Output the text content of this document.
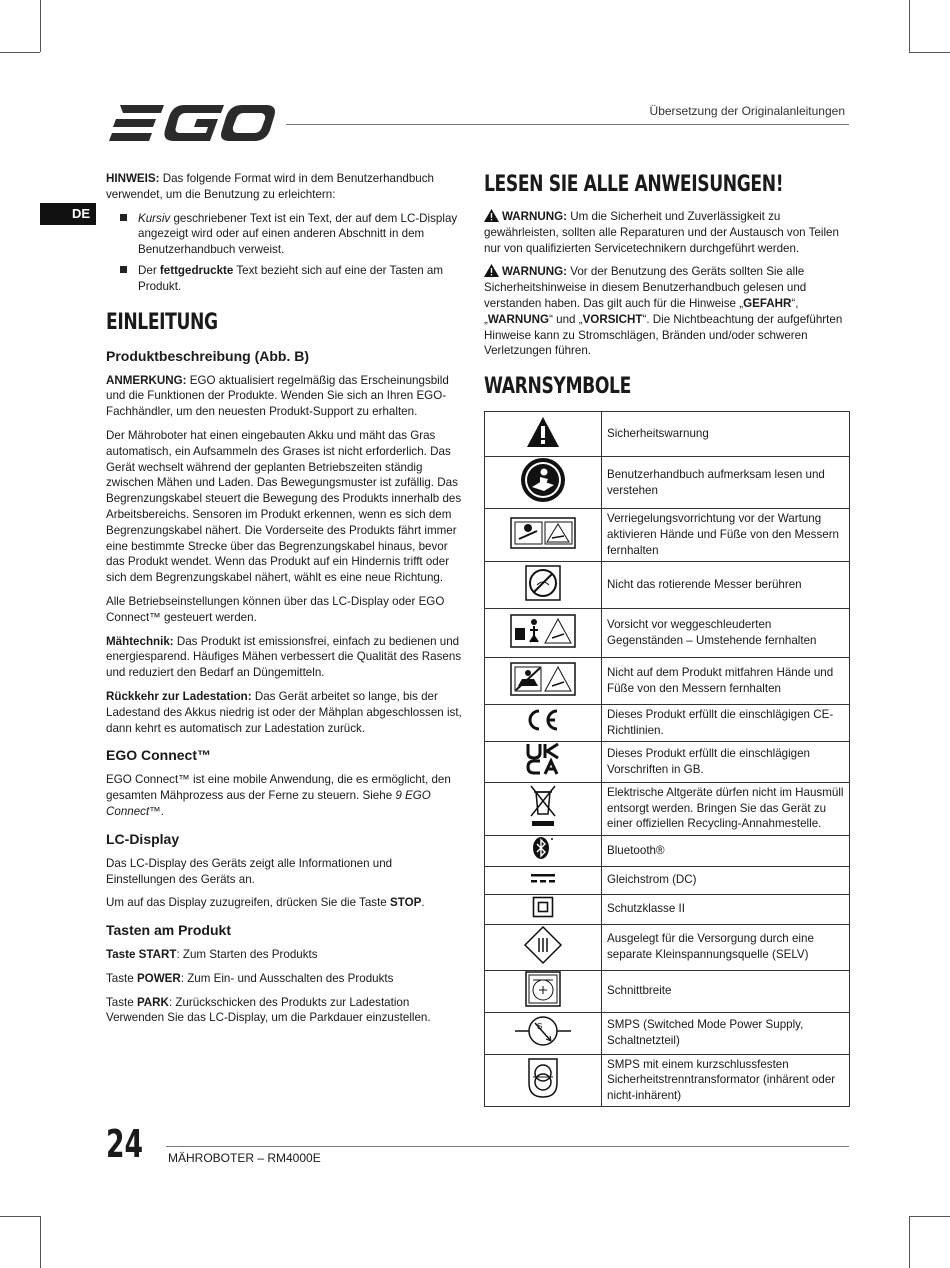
Übersetzung der Originalanleitungen
DE

HINWEIS: Das folgende Format wird in dem Benutzerhandbuch verwendet, um die Benutzung zu erleichtern:

Kursiv geschriebener Text ist ein Text, der auf dem LC-Display angezeigt wird oder auf einen anderen Abschnitt in dem Benutzerhandbuch verweist.
Der fettgedruckte Text bezieht sich auf eine der Tasten am Produkt.
EINLEITUNG
Produktbeschreibung (Abb. B)

ANMERKUNG: EGO aktualisiert regelmäßig das Erscheinungsbild und die Funktionen der Produkte. Wenden Sie sich an Ihren EGO-Fachhändler, um den neuesten Produkt-Support zu erhalten.

Der Mähroboter hat einen eingebauten Akku und mäht das Gras automatisch, ein Aufsammeln des Grases ist nicht erforderlich. Das Gerät wechselt während der geplanten Betriebszeiten ständig zwischen Mähen und Laden. Das Bewegungsmuster ist zufällig. Das Begrenzungskabel steuert die Bewegung des Produkts innerhalb des Arbeitsbereichs. Sensoren im Produkt erkennen, wenn es sich dem Begrenzungskabel nähert. Die Vorderseite des Produkts fährt immer eine bestimmte Strecke über das Begrenzungskabel hinaus, bevor das Produkt wendet. Wenn das Produkt auf ein Hindernis trifft oder sich dem Begrenzungskabel nähert, wählt es eine neue Richtung.

Alle Betriebseinstellungen können über das LC-Display oder EGO Connect™ gesteuert werden.

Mähtechnik: Das Produkt ist emissionsfrei, einfach zu bedienen und energiesparend. Häufiges Mähen verbessert die Qualität des Rasens und reduziert den Bedarf an Düngemitteln.

Rückkehr zur Ladestation: Das Gerät arbeitet so lange, bis der Ladestand des Akkus niedrig ist oder der Mähplan abgeschlossen ist, dann kehrt es automatisch zur Ladestation zurück.

EGO Connect™

EGO Connect™ ist eine mobile Anwendung, die es ermöglicht, den gesamten Mähprozess aus der Ferne zu steuern. Siehe 9 EGO Connect™.

LC-Display

Das LC-Display des Geräts zeigt alle Informationen und Einstellungen des Geräts an.

Um auf das Display zuzugreifen, drücken Sie die Taste STOP.

Tasten am Produkt

Taste START: Zum Starten des Produkts

Taste POWER: Zum Ein- und Ausschalten des Produkts

Taste PARK: Zurückschicken des Produkts zur Ladestation Verwenden Sie das LC-Display, um die Parkdauer einzustellen.

LESEN SIE ALLE ANWEISUNGEN!

WARNUNG: Um die Sicherheit und Zuverlässigkeit zu gewährleisten, sollten alle Reparaturen und der Austausch von Teilen nur von qualifizierten Servicetechnikern durchgeführt werden.

WARNUNG: Vor der Benutzung des Geräts sollten Sie alle Sicherheitshinweise in diesem Benutzerhandbuch gelesen und verstanden haben. Das gilt auch für die Hinweise „GEFAHR“, „WARNUNG“ und „VORSICHT“. Die Nichtbeachtung der aufgeführten Hinweise kann zu Stromschlägen, Bränden und/oder schweren Verletzungen führen.

WARNSYMBOLE
	Sicherheitswarnung
	Benutzerhandbuch aufmerksam lesen und verstehen
	Verriegelungsvorrichtung vor der Wartung aktivieren Hände und Füße von den Messern fernhalten
	Nicht das rotierende Messer berühren
	Vorsicht vor weggeschleuderten Gegenständen – Umstehende fernhalten
	Nicht auf dem Produkt mitfahren Hände und Füße von den Messern fernhalten
	Dieses Produkt erfüllt die einschlägigen CE-Richtlinien.
	Dieses Produkt erfüllt die einschlägigen Vorschriften in GB.
	Elektrische Altgeräte dürfen nicht im Hausmüll entsorgt werden. Bringen Sie das Gerät zu einer offiziellen Recycling-Annahmestelle.
	Bluetooth®
	Gleichstrom (DC)
	Schutzklasse II
	Ausgelegt für die Versorgung durch eine separate Kleinspannungsquelle (SELV)
	Schnittbreite

S	SMPS (Switched Mode Power Supply, Schaltnetzteil)
	SMPS mit einem kurzschlussfesten Sicherheitstrenntransformator (inhärent oder nicht-inhärent)
24 MÄHROBOTER – RM4000E
